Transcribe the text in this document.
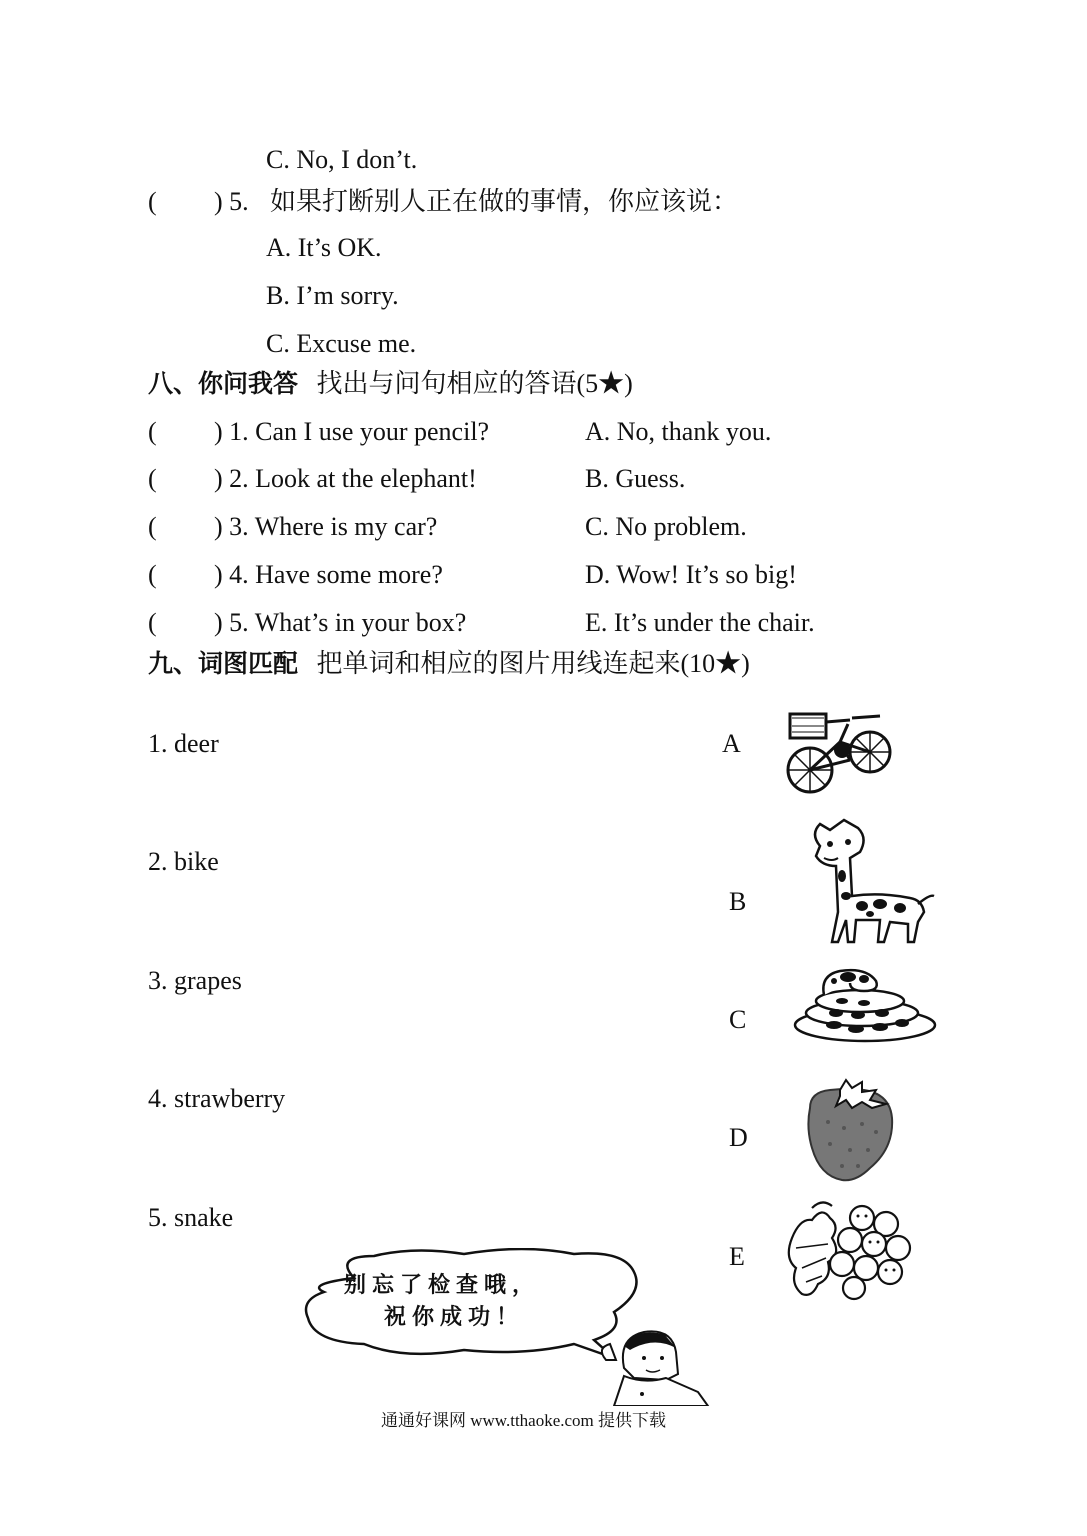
C. No, I don’t.
( ) 5. 如果打断别人正在做的事情，你应该说：
A. It’s OK.
B. I’m sorry.
C. Excuse me.
八、你问我答 找出与问句相应的答语(5★)
( ) 1. Can I use your pencil?	A. No, thank you.
( ) 2. Look at the elephant!	B. Guess.
( ) 3. Where is my car?	C. No problem.
( ) 4. Have some more?	D. Wow! It’s so big!
( ) 5. What’s in your box?	E. It’s under the chair.
九、词图匹配 把单词和相应的图片用线连起来(10★)
1. deer
2. bike
3. grapes
4. strawberry
5. snake
A
B
C
D
E
别忘了检查哦，
祝你成功！
通通好课网 www.tthaoke.com 提供下载
